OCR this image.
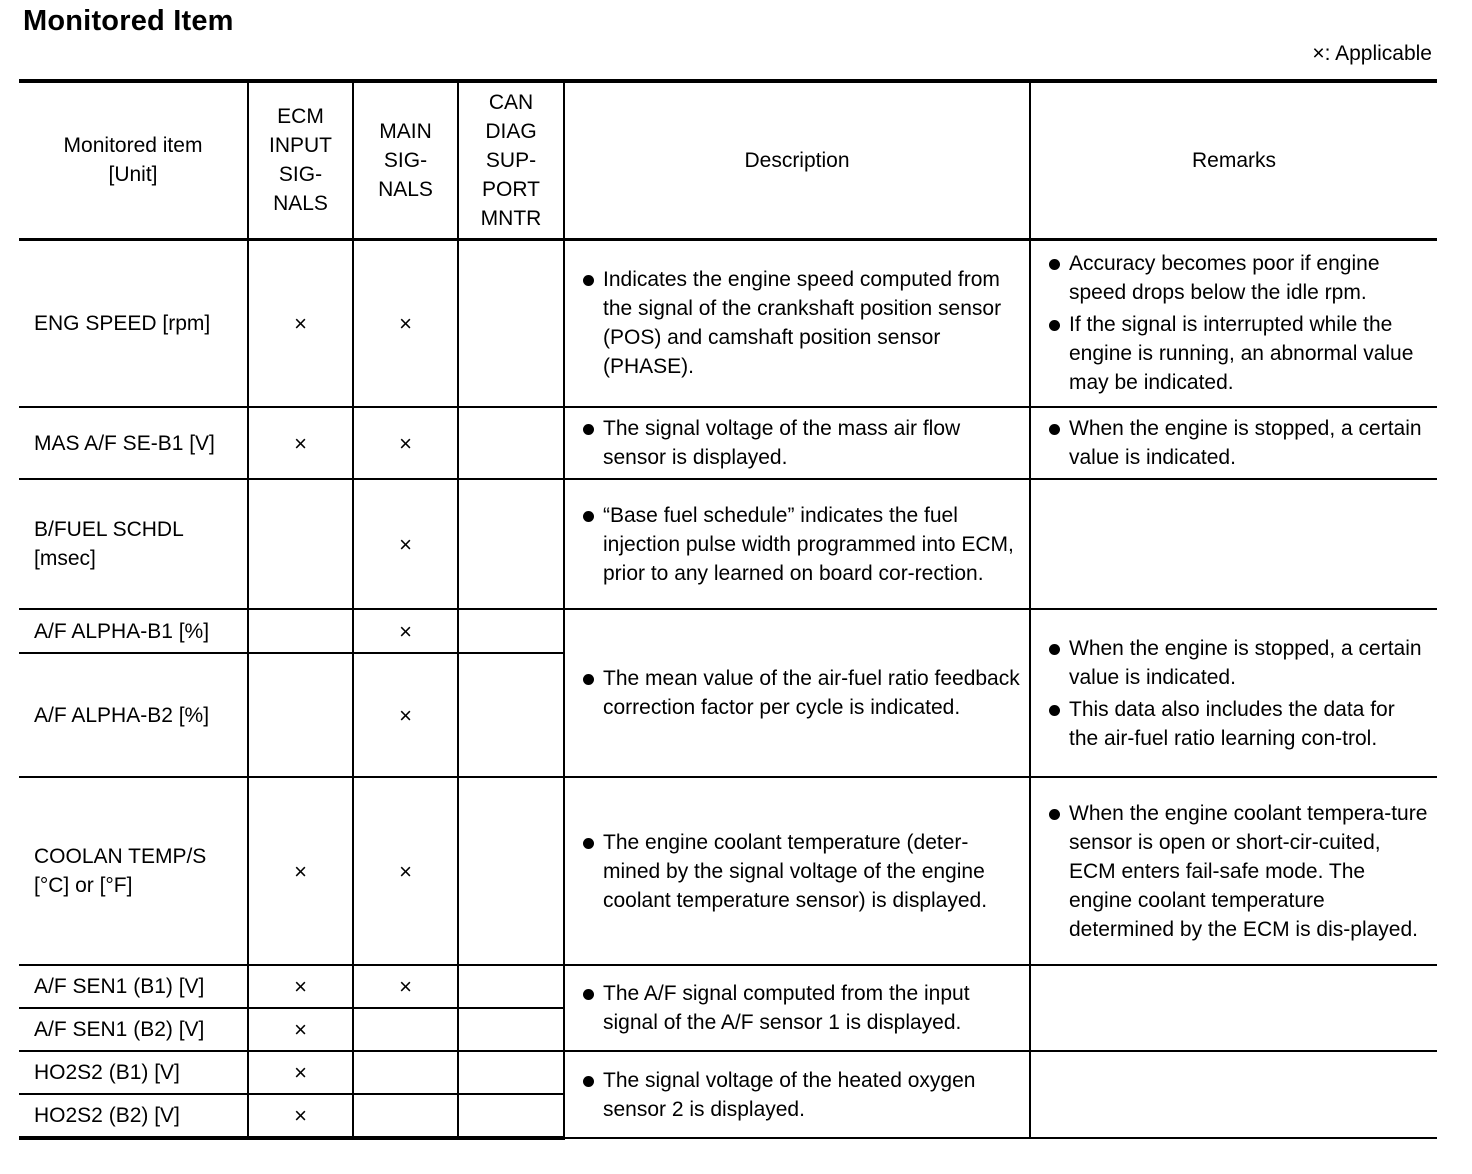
Monitored Item
×: Applicable
Monitored item
[Unit]	ECM
INPUT
SIG-
NALS	MAIN
SIG-
NALS	CAN
DIAG
SUP-
PORT
MNTR	Description	Remarks
ENG SPEED [rpm]	×	×		Indicates the engine speed computed from the signal of the crankshaft position sensor (POS) and camshaft position sensor (PHASE).	Accuracy becomes poor if engine speed drops below the idle rpm.
If the signal is interrupted while the engine is running, an abnormal value may be indicated.

MAS A/F SE-B1 [V]	×	×		The signal voltage of the mass air flow sensor is displayed.	When the engine is stopped, a certain value is indicated.

B/FUEL SCHDL
[msec]		×		“Base fuel schedule” indicates the fuel injection pulse width programmed into ECM, prior to any learned on board cor-rection.	

A/F ALPHA-B1 [%]		×		The mean value of the air-fuel ratio feedback correction factor per cycle is indicated.	When the engine is stopped, a certain value is indicated.
This data also includes the data for the air-fuel ratio learning con-trol.

A/F ALPHA-B2 [%]		×			
COOLAN TEMP/S
[°C] or [°F]	×	×		The engine coolant temperature (deter-mined by the signal voltage of the engine coolant temperature sensor) is displayed.	When the engine coolant tempera-ture sensor is open or short-cir-cuited, ECM enters fail-safe mode. The engine coolant temperature determined by the ECM is dis-played.

A/F SEN1 (B1) [V]	×	×		The A/F signal computed from the input signal of the A/F sensor 1 is displayed.	

A/F SEN1 (B2) [V]	×				
HO2S2 (B1) [V]	×			The signal voltage of the heated oxygen sensor 2 is displayed.	

HO2S2 (B2) [V]	×				
